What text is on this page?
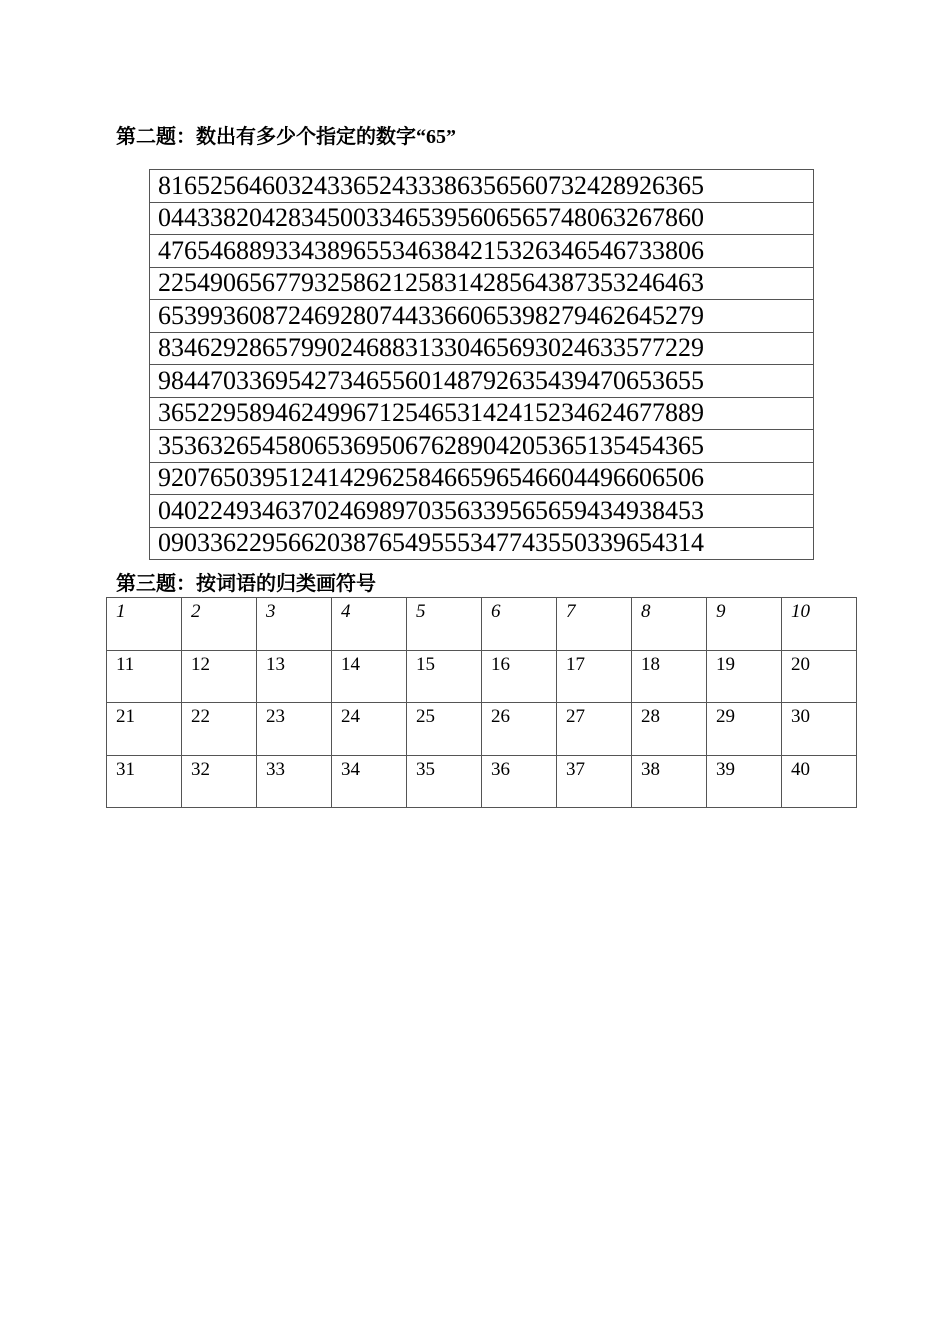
第二题：数出有多少个指定的数字“65”
8165256460324336524333863565607324289263​65
0443382042834500334653956065657480632678​60
4765468893343896553463842153263465467338​06
2254906567793258621258314285643873532464​63
6539936087246928074433660653982794626452​79
8346292865799024688313304656930246335772​29
9844703369542734655601487926354394706536​55
3652295894624996712546531424152346246778​89
3536326545806536950676289042053651354543​65
9207650395124142962584665965466044966065​06
0402249346370246989703563395656594349384​53
0903362295662038765495553477435503396543​14
第三题：按词语的归类画符号
1	2	3	4	5	6	7	8	9	10
11	12	13	14	15	16	17	18	19	20
21	22	23	24	25	26	27	28	29	30
31	32	33	34	35	36	37	38	39	40
